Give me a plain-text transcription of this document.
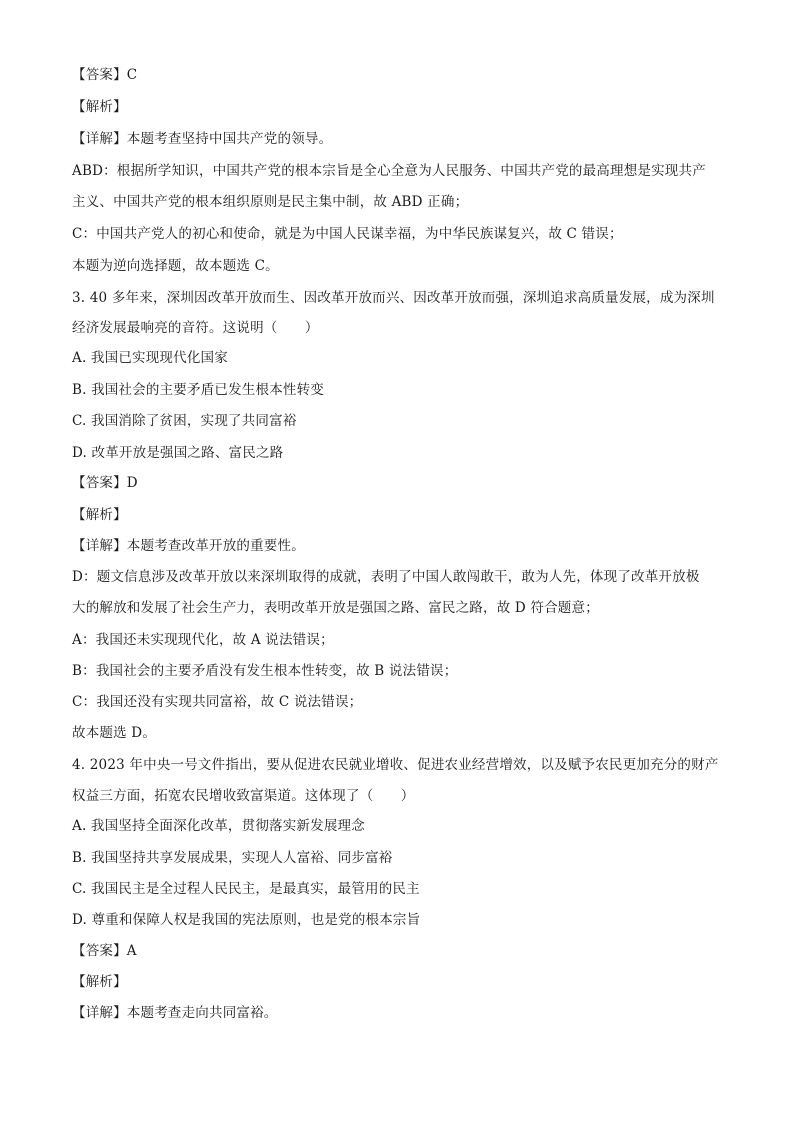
【答案】C

【解析】

【详解】本题考查坚持中国共产党的领导。

ABD：根据所学知识，中国共产党的根本宗旨是全心全意为人民服务、中国共产党的最高理想是实现共产

主义、中国共产党的根本组织原则是民主集中制，故 ABD 正确；

C：中国共产党人的初心和使命，就是为中国人民谋幸福，为中华民族谋复兴，故 C 错误；

本题为逆向选择题，故本题选 C。

3. 40 多年来，深圳因改革开放而生、因改革开放而兴、因改革开放而强，深圳追求高质量发展，成为深圳

经济发展最响亮的音符。这说明（　　）

A. 我国已实现现代化国家

B. 我国社会的主要矛盾已发生根本性转变

C. 我国消除了贫困，实现了共同富裕

D. 改革开放是强国之路、富民之路

【答案】D

【解析】

【详解】本题考查改革开放的重要性。

D：题文信息涉及改革开放以来深圳取得的成就，表明了中国人敢闯敢干，敢为人先，体现了改革开放极

大的解放和发展了社会生产力，表明改革开放是强国之路、富民之路，故 D 符合题意；

A：我国还未实现现代化，故 A 说法错误；

B：我国社会的主要矛盾没有发生根本性转变，故 B 说法错误；

C：我国还没有实现共同富裕，故 C 说法错误；

故本题选 D。

4. 2023 年中央一号文件指出，要从促进农民就业增收、促进农业经营增效，以及赋予农民更加充分的财产

权益三方面，拓宽农民增收致富渠道。这体现了（　　）

A. 我国坚持全面深化改革，贯彻落实新发展理念

B. 我国坚持共享发展成果，实现人人富裕、同步富裕

C. 我国民主是全过程人民民主，是最真实，最管用的民主

D. 尊重和保障人权是我国的宪法原则，也是党的根本宗旨

【答案】A

【解析】

【详解】本题考查走向共同富裕。
